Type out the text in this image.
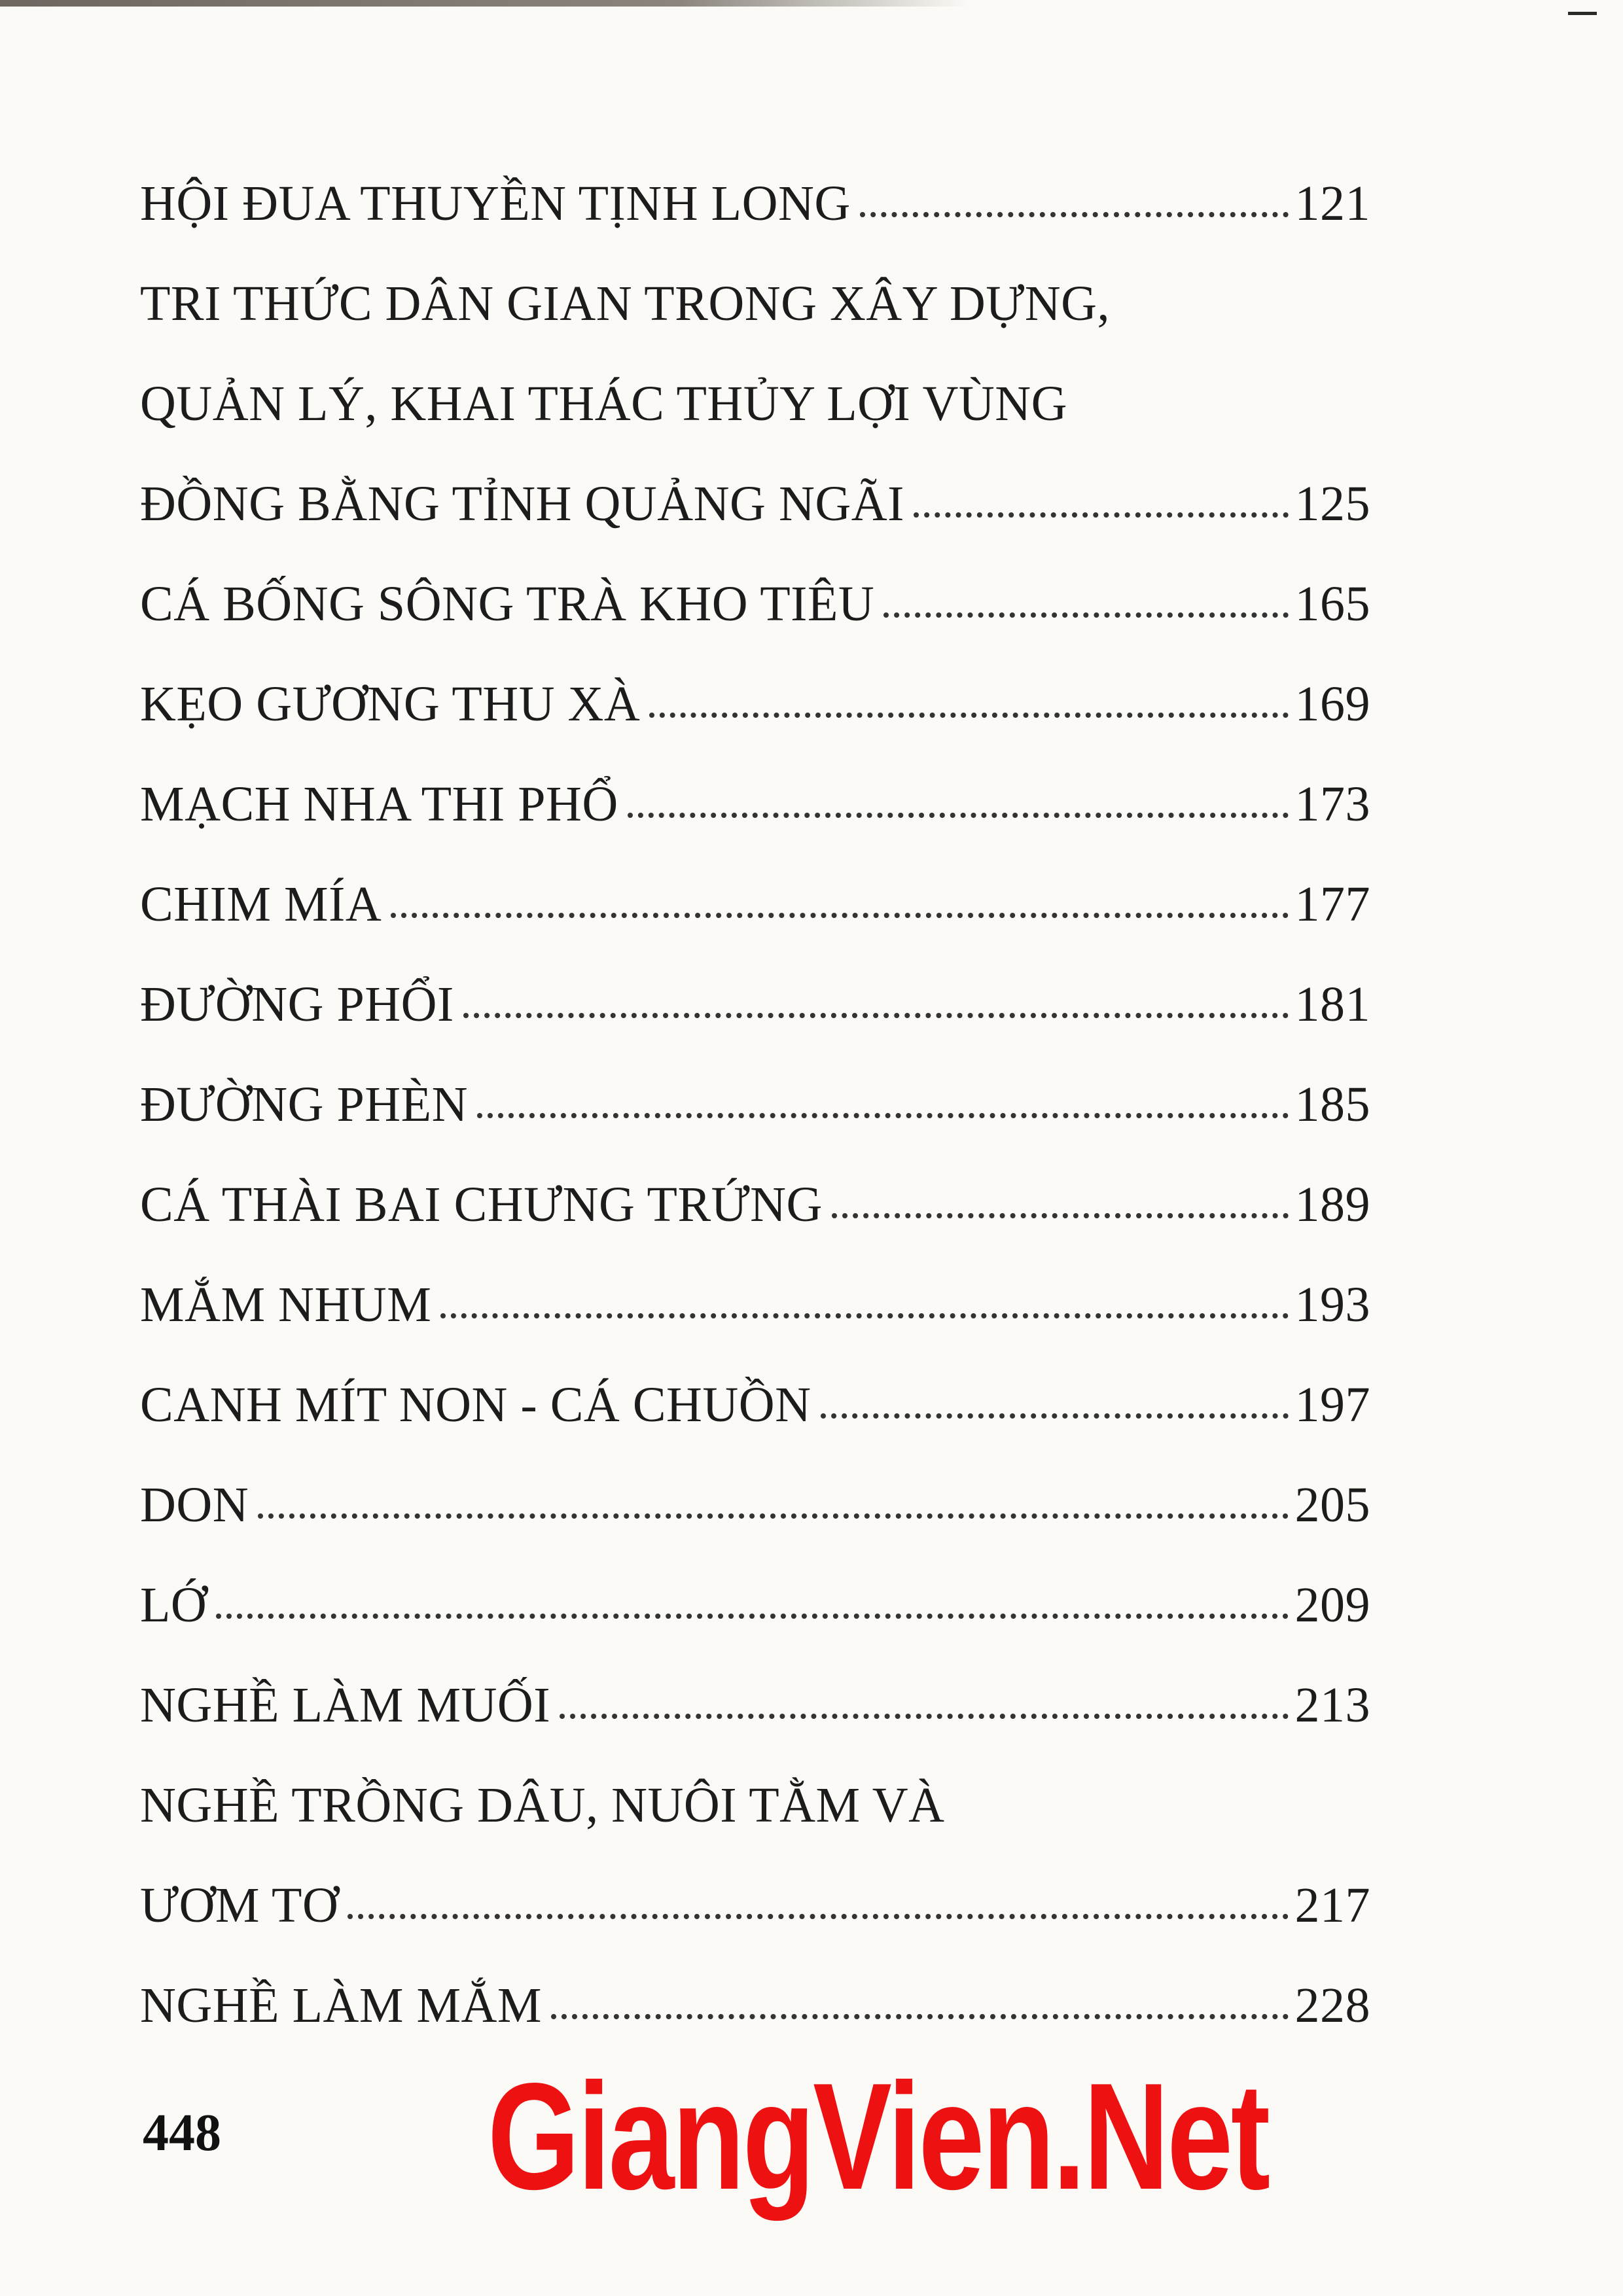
HỘI ĐUA THUYỀN TỊNH LONG	121
TRI THỨC DÂN GIAN TRONG XÂY DỰNG,
QUẢN LÝ, KHAI THÁC THỦY LỢI VÙNG
ĐỒNG BẰNG TỈNH QUẢNG NGÃI	125
CÁ BỐNG SÔNG TRÀ KHO TIÊU	165
KẸO GƯƠNG THU XÀ	169
MẠCH NHA THI PHỔ	173
CHIM MÍA	177
ĐƯỜNG PHỔI	181
ĐƯỜNG PHÈN	185
CÁ THÀI BAI CHƯNG TRỨNG	189
MẮM NHUM	193
CANH MÍT NON - CÁ CHUỒN	197
DON	205
LỚ	209
NGHỀ LÀM MUỐI	213
NGHỀ TRỒNG DÂU, NUÔI TẰM VÀ
ƯƠM TƠ	217
NGHỀ LÀM MẮM	228
448 GiangVien.Net
